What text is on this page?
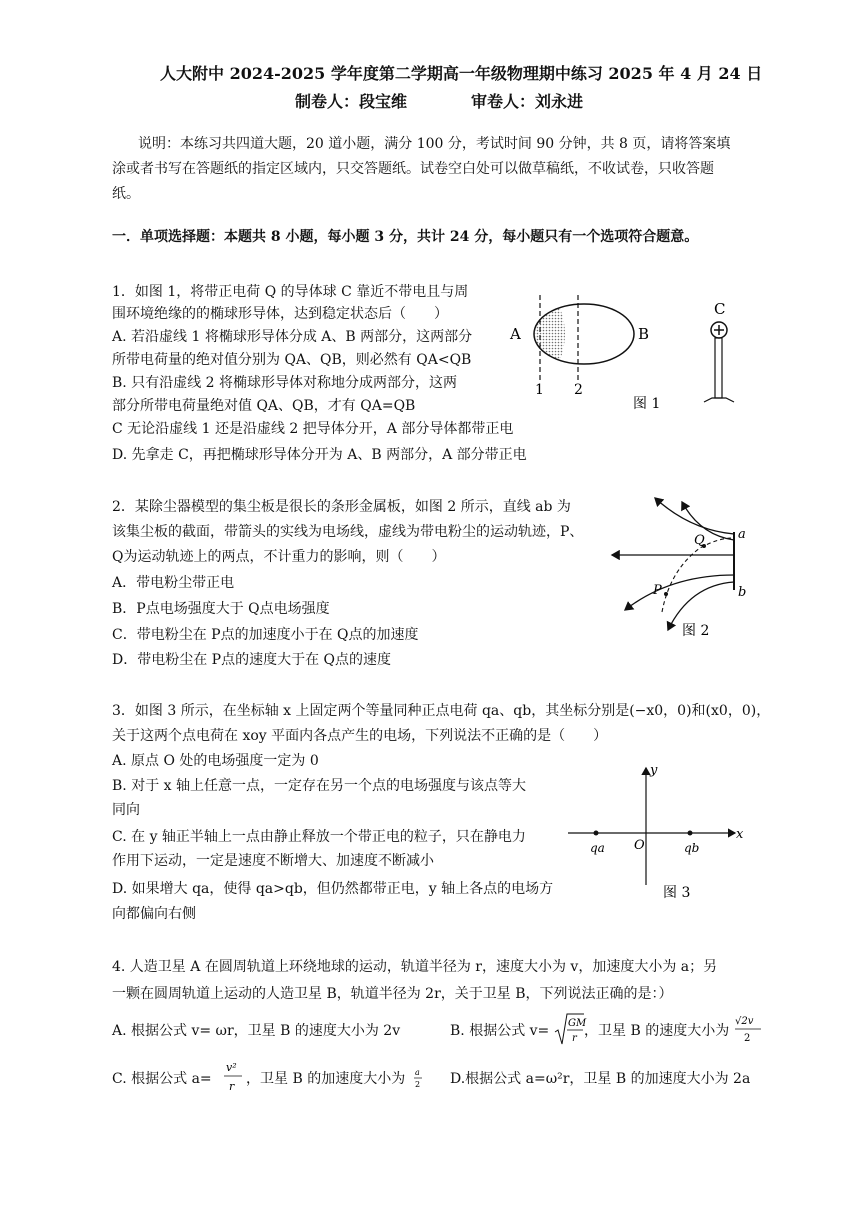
人大附中 2024-2025 学年度第二学期高一年级物理期中练习 2025 年 4 月 24 日
制卷人：段宝维　　　　审卷人：刘永进
说明：本练习共四道大题，20 道小题，满分 100 分，考试时间 90 分钟，共 8 页，请将答案填
涂或者书写在答题纸的指定区域内，只交答题纸。试卷空白处可以做草稿纸，不收试卷，只收答题
纸。
一．单项选择题：本题共 8 小题，每小题 3 分，共计 24 分，每小题只有一个选项符合题意。
1．如图 1，将带正电荷 Q 的导体球 C 靠近不带电且与周
围环境绝缘的的椭球形导体，达到稳定状态后（　　）
A. 若沿虚线 1 将椭球形导体分成 A、B 两部分，这两部分
所带电荷量的绝对值分别为 QA、QB，则必然有 QA<QB
B. 只有沿虚线 2 将椭球形导体对称地分成两部分，这两
部分所带电荷量绝对值 QA、QB，才有 QA=QB
C 无论沿虚线 1 还是沿虚线 2 把导体分开，A 部分导体都带正电
D. 先拿走 C，再把椭球形导体分开为 A、B 两部分，A 部分带正电
A	B
1 2
C
图 1
2．某除尘器模型的集尘板是很长的条形金属板，如图 2 所示，直线 ab 为
该集尘板的截面，带箭头的实线为电场线，虚线为带电粉尘的运动轨迹，P、
Q为运动轨迹上的两点，不计重力的影响，则（　　）
A．带电粉尘带正电
B．P点电场强度大于 Q点电场强度
C．带电粉尘在 P点的加速度小于在 Q点的加速度
D．带电粉尘在 P点的速度大于在 Q点的速度
a
b
Q
P
图 2
3．如图 3 所示，在坐标轴 x 上固定两个等量同种正点电荷 qa、qb，其坐标分别是(−x0，0)和(x0，0)，
关于这两个点电荷在 xoy 平面内各点产生的电场，下列说法不正确的是（　　）
A. 原点 O 处的电场强度一定为 0
B. 对于 x 轴上任意一点，一定存在另一个点的电场强度与该点等大
同向
C. 在 y 轴正半轴上一点由静止释放一个带正电的粒子，只在静电力
作用下运动，一定是速度不断增大、加速度不断减小
D. 如果增大 qa，使得 qa>qb，但仍然都带正电，y 轴上各点的电场方
向都偏向右侧
x
y
O
qa	qb
图 3
4. 人造卫星 A 在圆周轨道上环绕地球的运动，轨道半径为 r，速度大小为 v，加速度大小为 a；另
一颗在圆周轨道上运动的人造卫星 B，轨道半径为 2r，关于卫星 B，下列说法正确的是：）
A. 根据公式 v= ωr，卫星 B 的速度大小为 2v	B. 根据公式 v= GM
r ，卫星 B 的速度大小为
√2v
2
C. 根据公式 a=
v²
r ，卫星 B 的加速度大小为 a
2 D.根据公式 a=ω²r，卫星 B 的加速度大小为 2a
